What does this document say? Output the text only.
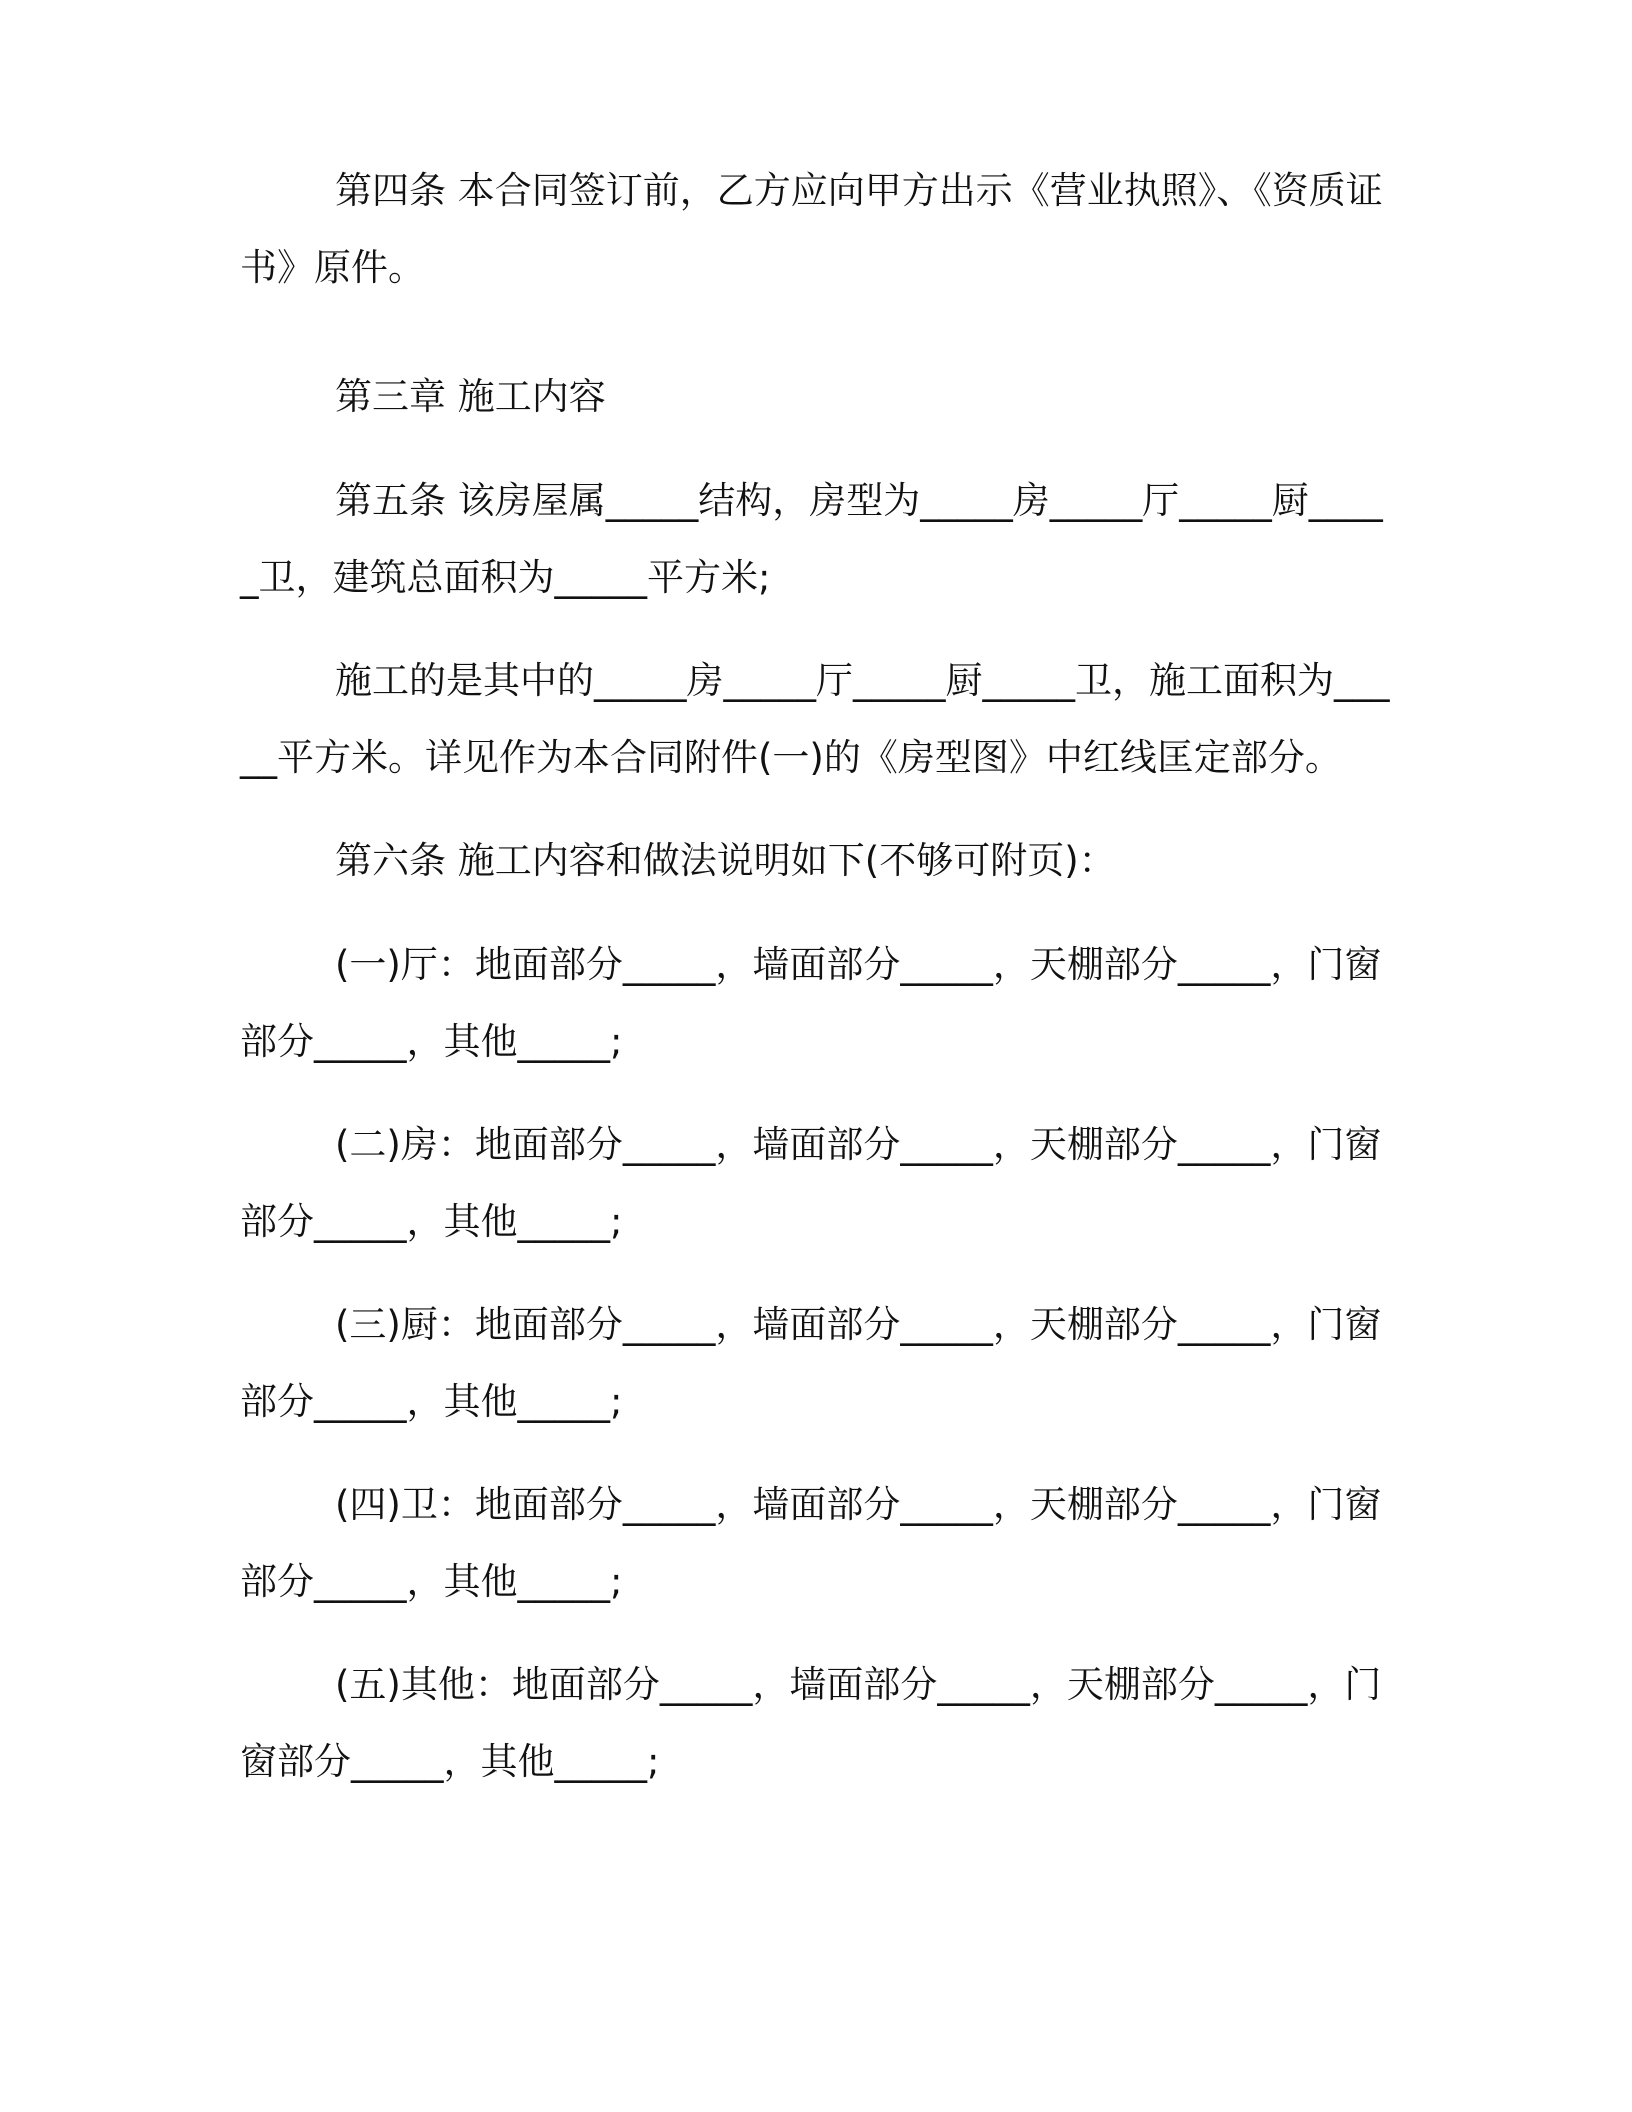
第四条 本合同签订前，乙方应向甲方出示《营业执照》、《资质证书》原件。

第三章 施工内容

第五条 该房屋属_____结构，房型为_____房_____厅_____厨_____卫，建筑总面积为_____平方米;

施工的是其中的_____房_____厅_____厨_____卫，施工面积为_____平方米。详见作为本合同附件(一)的《房型图》中红线匡定部分。

第六条 施工内容和做法说明如下(不够可附页)：

(一)厅：地面部分_____，墙面部分_____，天棚部分_____，门窗部分_____，其他_____;

(二)房：地面部分_____，墙面部分_____，天棚部分_____，门窗部分_____，其他_____;

(三)厨：地面部分_____，墙面部分_____，天棚部分_____，门窗部分_____，其他_____;

(四)卫：地面部分_____，墙面部分_____，天棚部分_____，门窗部分_____，其他_____;

(五)其他：地面部分_____，墙面部分_____，天棚部分_____，门窗部分_____，其他_____;
